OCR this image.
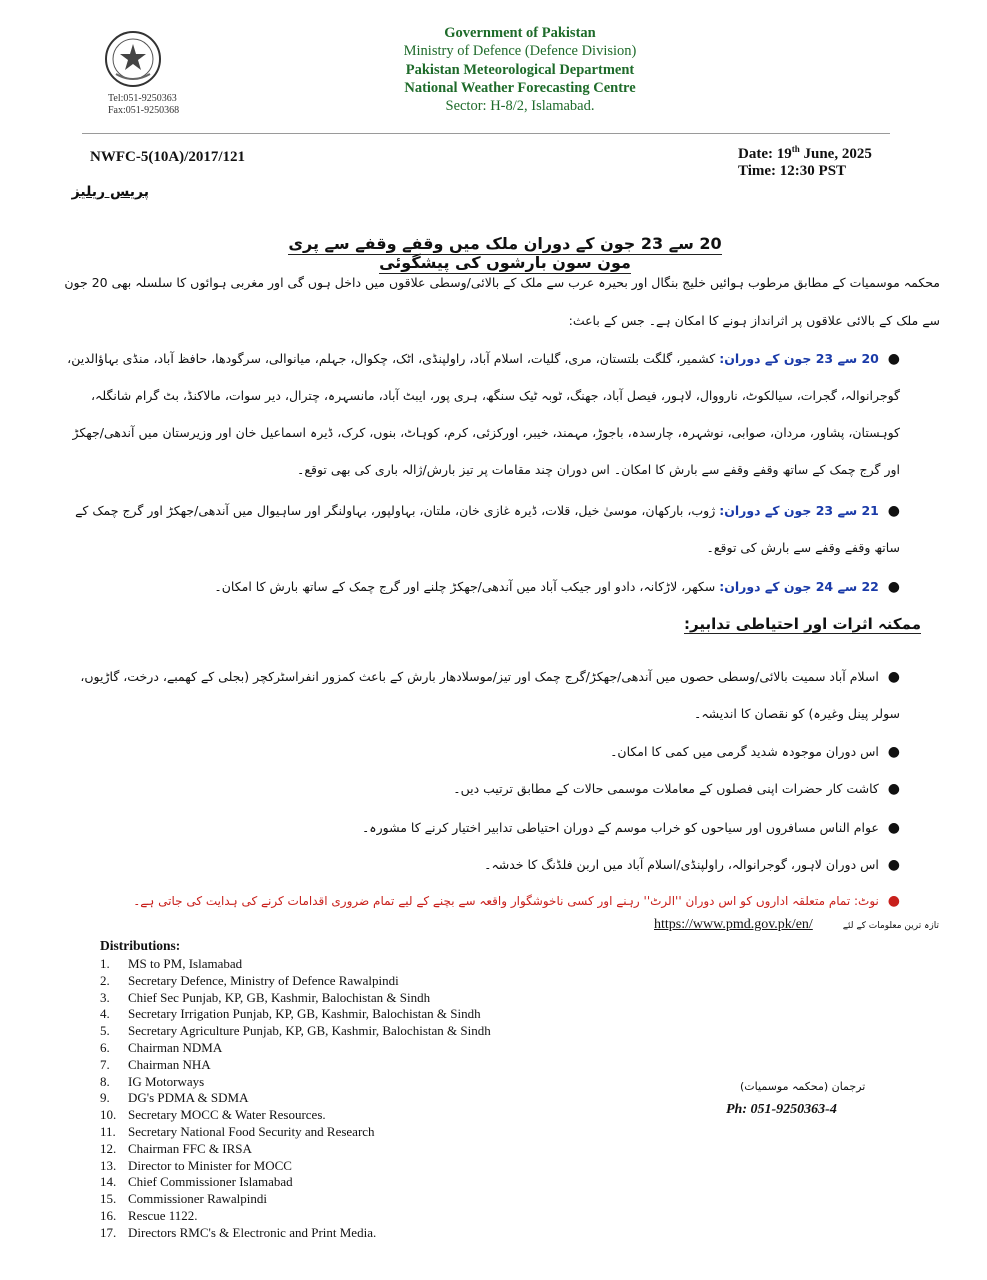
Tel:051-9250363
Fax:051-9250368
Government of Pakistan
Ministry of Defence (Defence Division)
Pakistan Meteorological Department
National Weather Forecasting Centre
Sector: H-8/2, Islamabad.
NWFC-5(10A)/2017/121	Date: 19th June, 2025
Time: 12:30 PST
پریس ریلیز
20 سے 23 جون کے دوران ملک میں وقفے وقفے سے پری مون سون بارشوں کی پیشگوئی
محکمہ موسمیات کے مطابق مرطوب ہوائیں خلیج بنگال اور بحیرہ عرب سے ملک کے بالائی/وسطی علاقوں میں داخل ہوں گی اور مغربی ہوائوں کا سلسلہ بھی 20 جون سے ملک کے بالائی علاقوں پر اثرانداز ہونے کا امکان ہے۔ جس کے باعث:
●  20 سے 23 جون کے دوران: کشمیر، گلگت بلتستان، مری، گلیات، اسلام آباد، راولپنڈی، اٹک، چکوال، جہلم، میانوالی، سرگودھا، حافظ آباد، منڈی بہاؤالدین، گوجرانوالہ، گجرات، سیالکوٹ، نارووال، لاہور، فیصل آباد، جھنگ، ٹوبہ ٹیک سنگھ، ہری پور، ایبٹ آباد، مانسہرہ، چترال، دیر سوات، مالاکنڈ، بٹ گرام شانگلہ، کوہستان، پشاور، مردان، صوابی، نوشہرہ، چارسدہ، باجوڑ، مہمند، خیبر، اورکزئی، کرم، کوہاٹ، بنوں، کرک، ڈیرہ اسماعیل خان اور وزیرستان میں آندھی/جھکڑ اور گرج چمک کے ساتھ وقفے وقفے سے بارش کا امکان۔ اس دوران چند مقامات پر تیز بارش/ژالہ باری کی بھی توقع۔
●  21 سے 23 جون کے دوران: ژوب، بارکھان، موسیٰ خیل، قلات، ڈیرہ غازی خان، ملتان، بہاولپور، بہاولنگر اور ساہیوال میں آندھی/جھکڑ اور گرج چمک کے ساتھ وقفے وقفے سے بارش کی توقع۔
●  22 سے 24 جون کے دوران: سکھر، لاڑکانہ، دادو اور جیکب آباد میں آندھی/جھکڑ چلنے اور گرج چمک کے ساتھ بارش کا امکان۔
ممکنہ اثرات اور احتیاطی تدابیر:
●  اسلام آباد سمیت بالائی/وسطی حصوں میں آندھی/جھکڑ/گرج چمک اور تیز/موسلادھار بارش کے باعث کمزور انفراسٹرکچر (بجلی کے کھمبے، درخت، گاڑیوں، سولر پینل وغیرہ) کو نقصان کا اندیشہ۔
●  اس دوران موجودہ شدید گرمی میں کمی کا امکان۔
●  کاشت کار حضرات اپنی فصلوں کے معاملات موسمی حالات کے مطابق ترتیب دیں۔
●  عوام الناس مسافروں اور سیاحوں کو خراب موسم کے دوران احتیاطی تدابیر اختیار کرنے کا مشورہ۔
●  اس دوران لاہور، گوجرانوالہ، راولپنڈی/اسلام آباد میں اربن فلڈنگ کا خدشہ۔
●  نوٹ: تمام متعلقہ اداروں کو اس دوران ''الرٹ'' رہنے اور کسی ناخوشگوار واقعہ سے بچنے کے لیے تمام ضروری اقدامات کرنے کی ہدایت کی جاتی ہے۔
تازہ ترین معلومات کے لئے
https://www.pmd.gov.pk/en/
Distributions:
1. MS to PM, Islamabad
2. Secretary Defence, Ministry of Defence Rawalpindi
3. Chief Sec Punjab, KP, GB, Kashmir, Balochistan & Sindh
4. Secretary Irrigation Punjab, KP, GB, Kashmir, Balochistan & Sindh
5. Secretary Agriculture Punjab, KP, GB, Kashmir, Balochistan & Sindh
6. Chairman NDMA
7. Chairman NHA
8. IG Motorways
9. DG's PDMA & SDMA
10. Secretary MOCC & Water Resources.
11. Secretary National Food Security and Research
12. Chairman FFC & IRSA
13. Director to Minister for MOCC
14. Chief Commissioner Islamabad
15. Commissioner Rawalpindi
16. Rescue 1122.
17. Directors RMC's & Electronic and Print Media.
ترجمان (محکمہ موسمیات)
Ph: 051-9250363-4
